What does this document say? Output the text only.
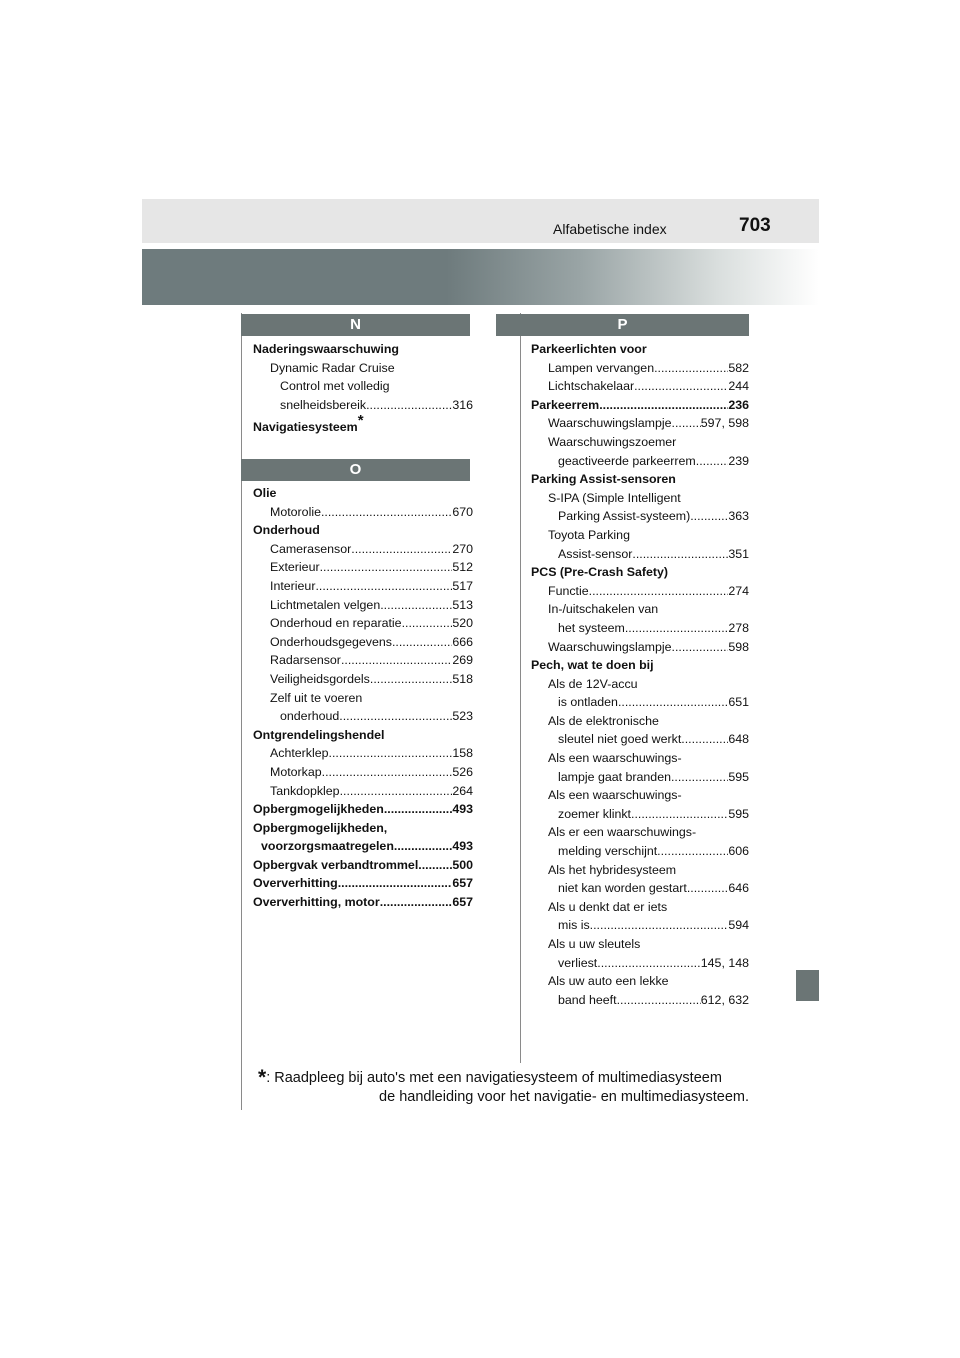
Alfabetische index	703
N
Naderingswaarschuwing
Dynamic Radar Cruise
Control met volledig
snelheidsbereik .....	316
Navigatiesysteem*
O
Olie
Motorolie .....	670
Onderhoud
Camerasensor .....	270
Exterieur .....	512
Interieur .....	517
Lichtmetalen velgen .....	513
Onderhoud en reparatie .....	520
Onderhoudsgegevens .....	666
Radarsensor .....	269
Veiligheidsgordels .....	518
Zelf uit te voeren
onderhoud .....	523
Ontgrendelingshendel
Achterklep .....	158
Motorkap .....	526
Tankdopklep .....	264
Opbergmogelijkheden .....	493
Opbergmogelijkheden,
voorzorgsmaatregelen .....	493
Opbergvak verbandtrommel .....	500
Oververhitting .....	657
Oververhitting, motor .....	657
P
Parkeerlichten voor
Lampen vervangen .....	582
Lichtschakelaar .....	244
Parkeerrem .....	236
Waarschuwingslampje ..... 597, 598
Waarschuwingszoemer
geactiveerde parkeerrem .....	239
Parking Assist-sensoren
S-IPA (Simple Intelligent
Parking Assist-systeem) .....	363
Toyota Parking
Assist-sensor .....	351
PCS (Pre-Crash Safety)
Functie .....	274
In-/uitschakelen van
het systeem .....	278
Waarschuwingslampje .....	598
Pech, wat te doen bij
Als de 12V-accu
is ontladen .....	651
Als de elektronische
sleutel niet goed werkt .....	648
Als een waarschuwings-
lampje gaat branden .....	595
Als een waarschuwings-
zoemer klinkt .....	595
Als er een waarschuwings-
melding verschijnt .....	606
Als het hybridesysteem
niet kan worden gestart .....	646
Als u denkt dat er iets
mis is .....	594
Als u uw sleutels
verliest .....	145, 148
Als uw auto een lekke
band heeft .....	612, 632
*: Raadpleeg bij auto's met een navigatiesysteem of multimediasysteem
de handleiding voor het navigatie- en multimediasysteem.
